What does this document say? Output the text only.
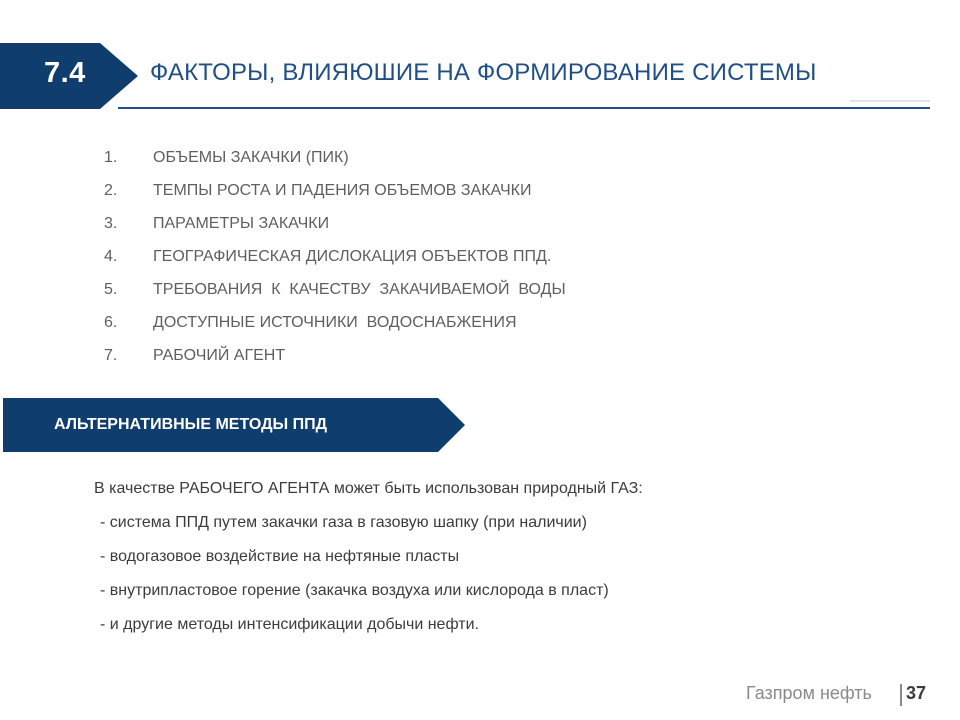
7.4	ФАКТОРЫ, ВЛИЯЮШИЕ НА ФОРМИРОВАНИЕ СИСТЕМЫ
1.	ОБЪЕМЫ ЗАКАЧКИ (ПИК)
2.	ТЕМПЫ РОСТА И ПАДЕНИЯ ОБЪЕМОВ ЗАКАЧКИ
3.	ПАРАМЕТРЫ ЗАКАЧКИ
4.	ГЕОГРАФИЧЕСКАЯ ДИСЛОКАЦИЯ ОБЪЕКТОВ ППД.
5.	ТРЕБОВАНИЯ  К  КАЧЕСТВУ  ЗАКАЧИВАЕМОЙ  ВОДЫ
6.	ДОСТУПНЫЕ ИСТОЧНИКИ  ВОДОСНАБЖЕНИЯ
7.	РАБОЧИЙ АГЕНТ
АЛЬТЕРНАТИВНЫЕ МЕТОДЫ ППД
В качестве РАБОЧЕГО АГЕНТА может быть использован природный ГАЗ:
- система ППД путем закачки газа в газовую шапку (при наличии)
- водогазовое воздействие на нефтяные пласты
- внутрипластовое горение (закачка воздуха или кислорода в пласт)
- и другие методы интенсификации добычи нефти.
Газпром нефть 37
